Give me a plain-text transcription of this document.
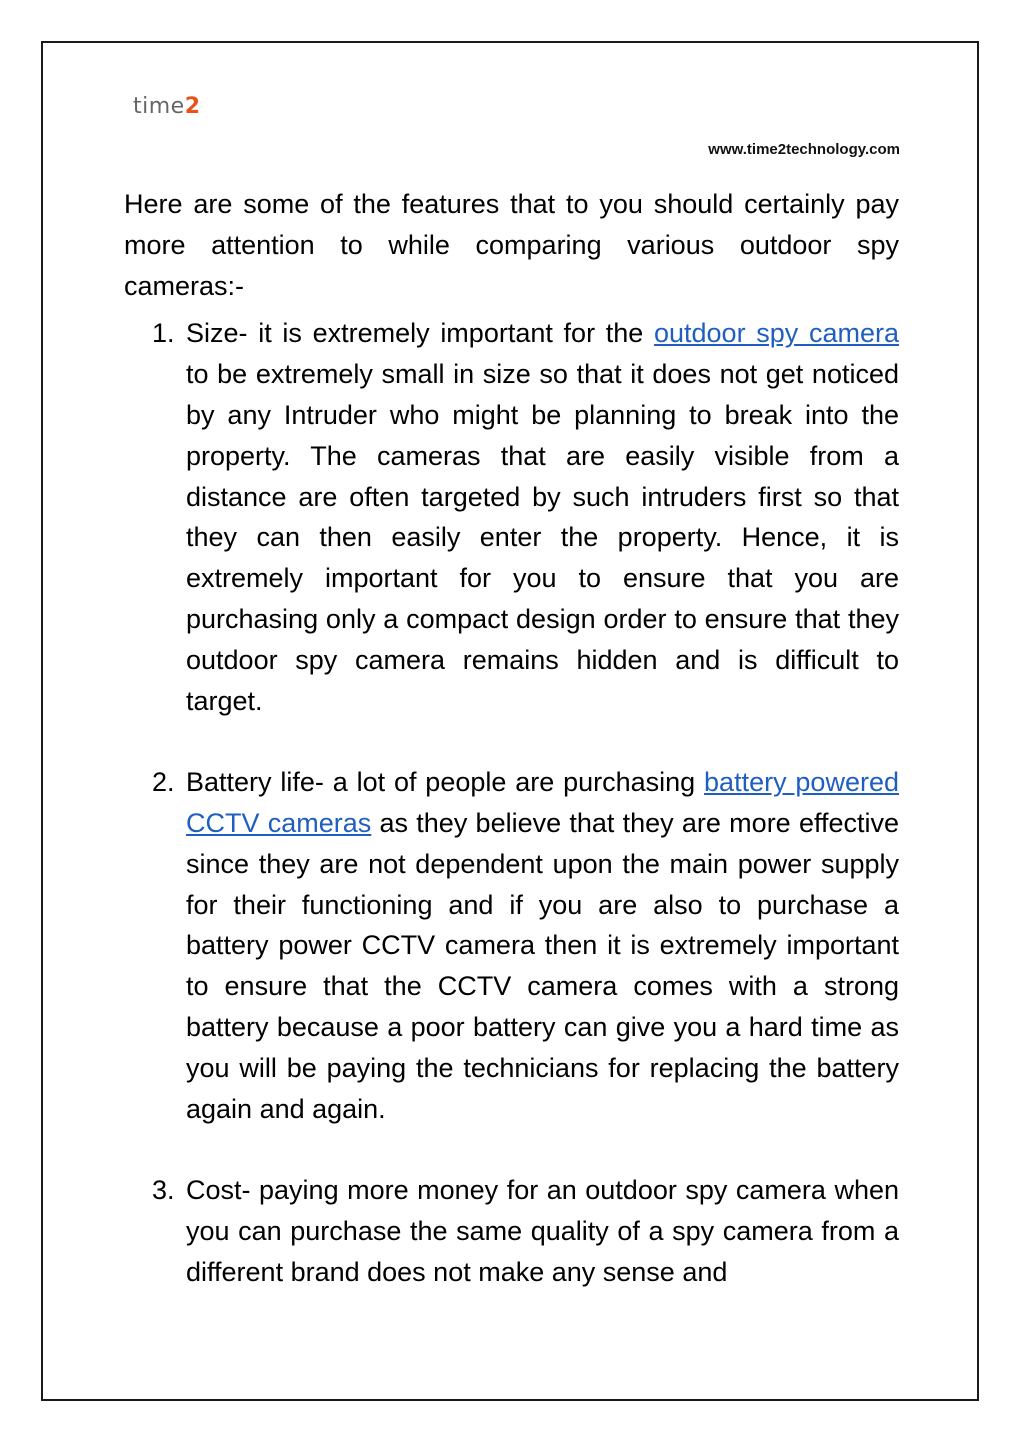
time2
www.time2technology.com

Here are some of the features that to you should certainly pay more attention to while comparing various outdoor spy cameras:-

1. Size- it is extremely important for the outdoor spy camera to be extremely small in size so that it does not get noticed by any Intruder who might be planning to break into the property. The cameras that are easily visible from a distance are often targeted by such intruders first so that they can then easily enter the property. Hence, it is extremely important for you to ensure that you are purchasing only a compact design order to ensure that they outdoor spy camera remains hidden and is difficult to target.
2. Battery life- a lot of people are purchasing battery powered CCTV cameras as they believe that they are more effective since they are not dependent upon the main power supply for their functioning and if you are also to purchase a battery power CCTV camera then it is extremely important to ensure that the CCTV camera comes with a strong battery because a poor battery can give you a hard time as you will be paying the technicians for replacing the battery again and again.
3. Cost- paying more money for an outdoor spy camera when you can purchase the same quality of a spy camera from a different brand does not make any sense and
